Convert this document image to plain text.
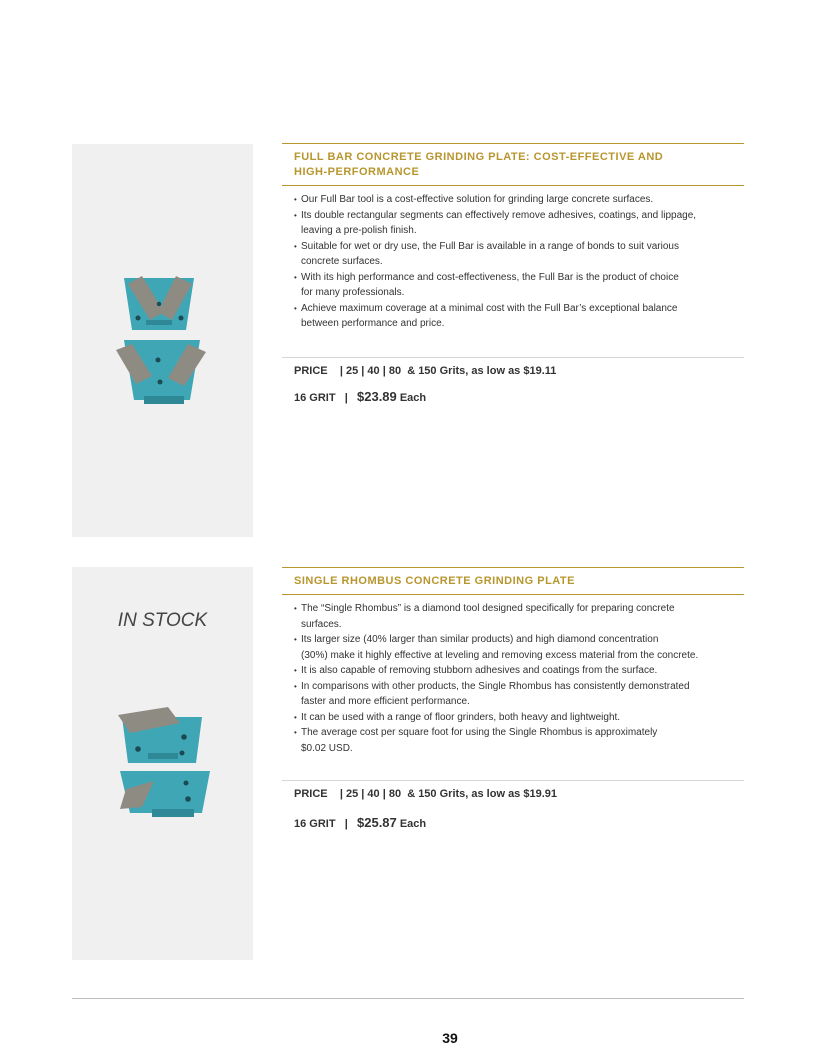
FULL BAR CONCRETE GRINDING PLATE: COST-EFFECTIVE AND
HIGH-PERFORMANCE

• Our Full Bar tool is a cost-effective solution for grinding large concrete surfaces.
• Its double rectangular segments can effectively remove adhesives, coatings, and lippage,
leaving a pre-polish finish.
• Suitable for wet or dry use, the Full Bar is available in a range of bonds to suit various
concrete surfaces.
• With its high performance and cost-effectiveness, the Full Bar is the product of choice
for many professionals.
• Achieve maximum coverage at a minimal cost with the Full Bar’s exceptional balance
between performance and price.
PRICE | 25 | 40 | 80  & 150 Grits, as low as $19.11
16 GRIT | $23.89 Each
IN STOCK

SINGLE RHOMBUS CONCRETE GRINDING PLATE

• The “Single Rhombus” is a diamond tool designed specifically for preparing concrete
surfaces.
• Its larger size (40% larger than similar products) and high diamond concentration
(30%) make it highly effective at leveling and removing excess material from the concrete.
• It is also capable of removing stubborn adhesives and coatings from the surface.
• In comparisons with other products, the Single Rhombus has consistently demonstrated
faster and more efficient performance.
• It can be used with a range of floor grinders, both heavy and lightweight.
• The average cost per square foot for using the Single Rhombus is approximately
$0.02 USD.
PRICE | 25 | 40 | 80  & 150 Grits, as low as $19.91
16 GRIT | $25.87 Each
39
